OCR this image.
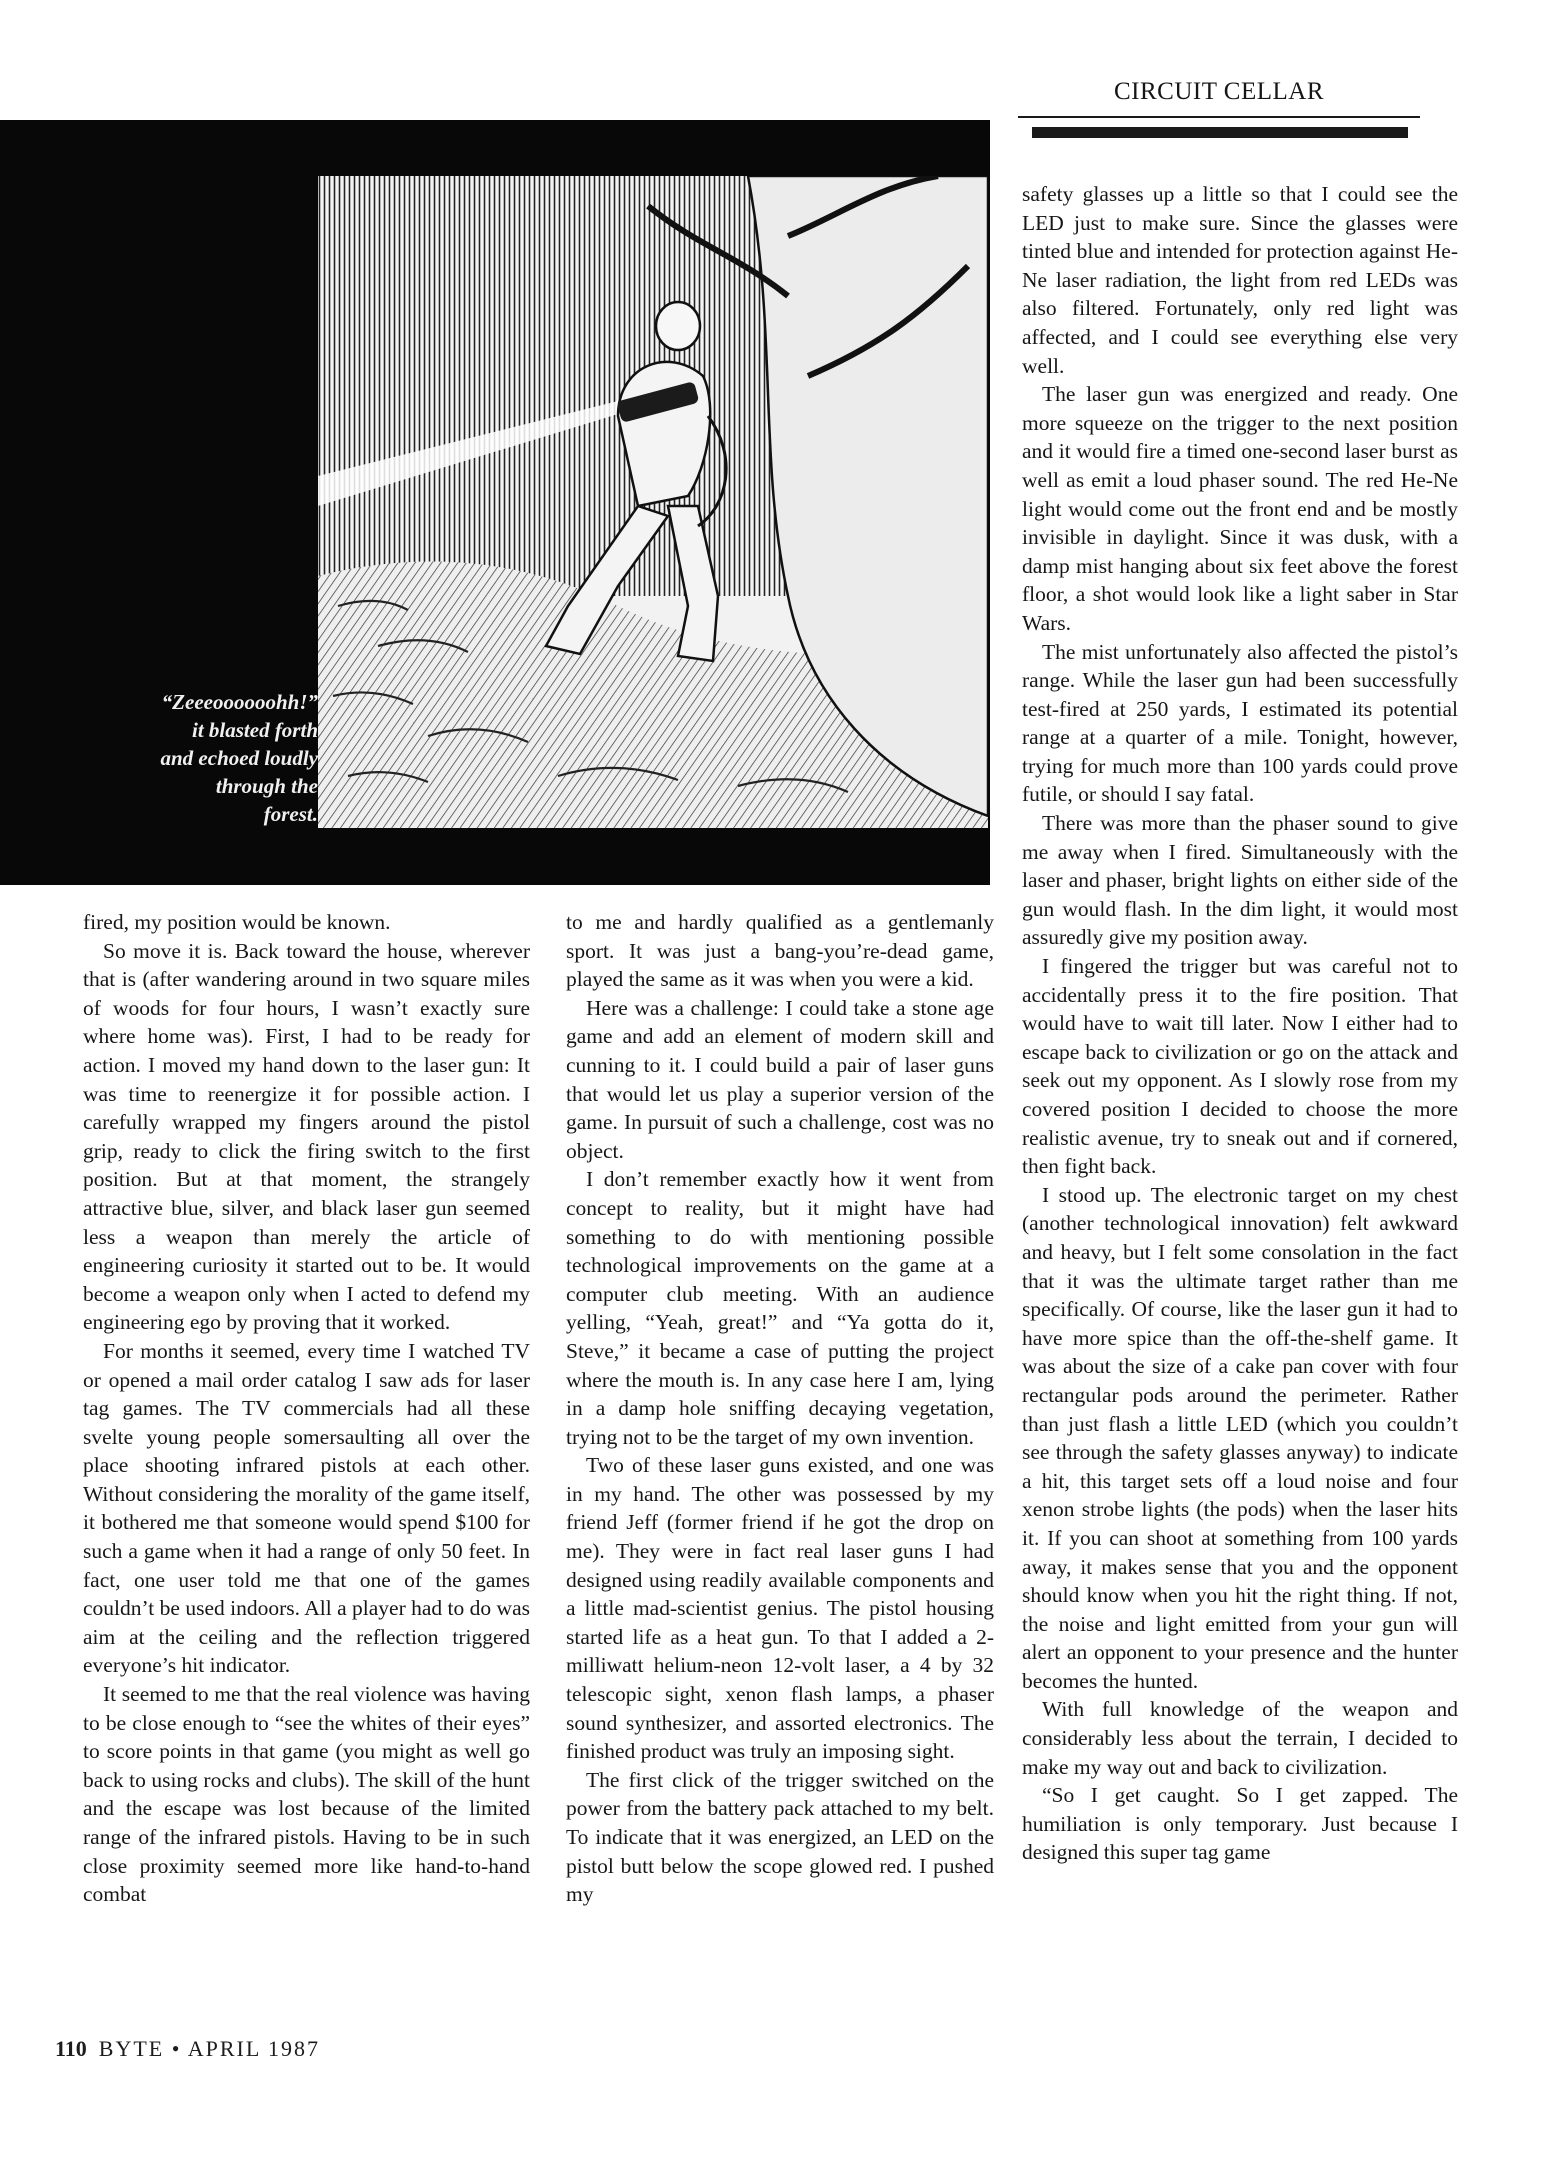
CIRCUIT CELLAR
“Zeeeoooooohh!”
it blasted forth
and echoed loudly
through the
forest.

fired, my position would be known.

So move it is. Back toward the house, wherever that is (after wandering around in two square miles of woods for four hours, I wasn’t exactly sure where home was). First, I had to be ready for action. I moved my hand down to the laser gun: It was time to reenergize it for possible action. I carefully wrapped my fingers around the pistol grip, ready to click the firing switch to the first position. But at that moment, the strangely attractive blue, silver, and black laser gun seemed less a weapon than merely the article of engineering curiosity it started out to be. It would become a weapon only when I acted to defend my engineering ego by proving that it worked.

For months it seemed, every time I watched TV or opened a mail order catalog I saw ads for laser tag games. The TV commercials had all these svelte young people somersaulting all over the place shooting infrared pistols at each other. Without considering the morality of the game itself, it bothered me that someone would spend $100 for such a game when it had a range of only 50 feet. In fact, one user told me that one of the games couldn’t be used indoors. All a player had to do was aim at the ceiling and the reflection triggered everyone’s hit indicator.

It seemed to me that the real violence was having to be close enough to “see the whites of their eyes” to score points in that game (you might as well go back to using rocks and clubs). The skill of the hunt and the escape was lost because of the limited range of the infrared pistols. Having to be in such close proximity seemed more like hand-to-hand combat

to me and hardly qualified as a gentlemanly sport. It was just a bang-you’re-dead game, played the same as it was when you were a kid.

Here was a challenge: I could take a stone age game and add an element of modern skill and cunning to it. I could build a pair of laser guns that would let us play a superior version of the game. In pursuit of such a challenge, cost was no object.

I don’t remember exactly how it went from concept to reality, but it might have had something to do with mentioning possible technological improvements on the game at a computer club meeting. With an audience yelling, “Yeah, great!” and “Ya gotta do it, Steve,” it became a case of putting the project where the mouth is. In any case here I am, lying in a damp hole sniffing decaying vegetation, trying not to be the target of my own invention.

Two of these laser guns existed, and one was in my hand. The other was possessed by my friend Jeff (former friend if he got the drop on me). They were in fact real laser guns I had designed using readily available components and a little mad-scientist genius. The pistol housing started life as a heat gun. To that I added a 2-milliwatt helium-neon 12-volt laser, a 4 by 32 telescopic sight, xenon flash lamps, a phaser sound synthesizer, and assorted electronics. The finished product was truly an imposing sight.

The first click of the trigger switched on the power from the battery pack attached to my belt. To indicate that it was energized, an LED on the pistol butt below the scope glowed red. I pushed my

safety glasses up a little so that I could see the LED just to make sure. Since the glasses were tinted blue and intended for protection against He-Ne laser radiation, the light from red LEDs was also filtered. Fortunately, only red light was affected, and I could see everything else very well.

The laser gun was energized and ready. One more squeeze on the trigger to the next position and it would fire a timed one-second laser burst as well as emit a loud phaser sound. The red He-Ne light would come out the front end and be mostly invisible in daylight. Since it was dusk, with a damp mist hanging about six feet above the forest floor, a shot would look like a light saber in Star Wars.

The mist unfortunately also affected the pistol’s range. While the laser gun had been successfully test-fired at 250 yards, I estimated its potential range at a quarter of a mile. Tonight, however, trying for much more than 100 yards could prove futile, or should I say fatal.

There was more than the phaser sound to give me away when I fired. Simultaneously with the laser and phaser, bright lights on either side of the gun would flash. In the dim light, it would most assuredly give my position away.

I fingered the trigger but was careful not to accidentally press it to the fire position. That would have to wait till later. Now I either had to escape back to civilization or go on the attack and seek out my opponent. As I slowly rose from my covered position I decided to choose the more realistic avenue, try to sneak out and if cornered, then fight back.

I stood up. The electronic target on my chest (another technological innovation) felt awkward and heavy, but I felt some consolation in the fact that it was the ultimate target rather than me specifically. Of course, like the laser gun it had to have more spice than the off-the-shelf game. It was about the size of a cake pan cover with four rectangular pods around the perimeter. Rather than just flash a little LED (which you couldn’t see through the safety glasses anyway) to indicate a hit, this target sets off a loud noise and four xenon strobe lights (the pods) when the laser hits it. If you can shoot at something from 100 yards away, it makes sense that you and the opponent should know when you hit the right thing. If not, the noise and light emitted from your gun will alert an opponent to your presence and the hunter becomes the hunted.

With full knowledge of the weapon and considerably less about the terrain, I decided to make my way out and back to civilization.

“So I get caught. So I get zapped. The humiliation is only temporary. Just because I designed this super tag game

110 BYTE • APRIL 1987
